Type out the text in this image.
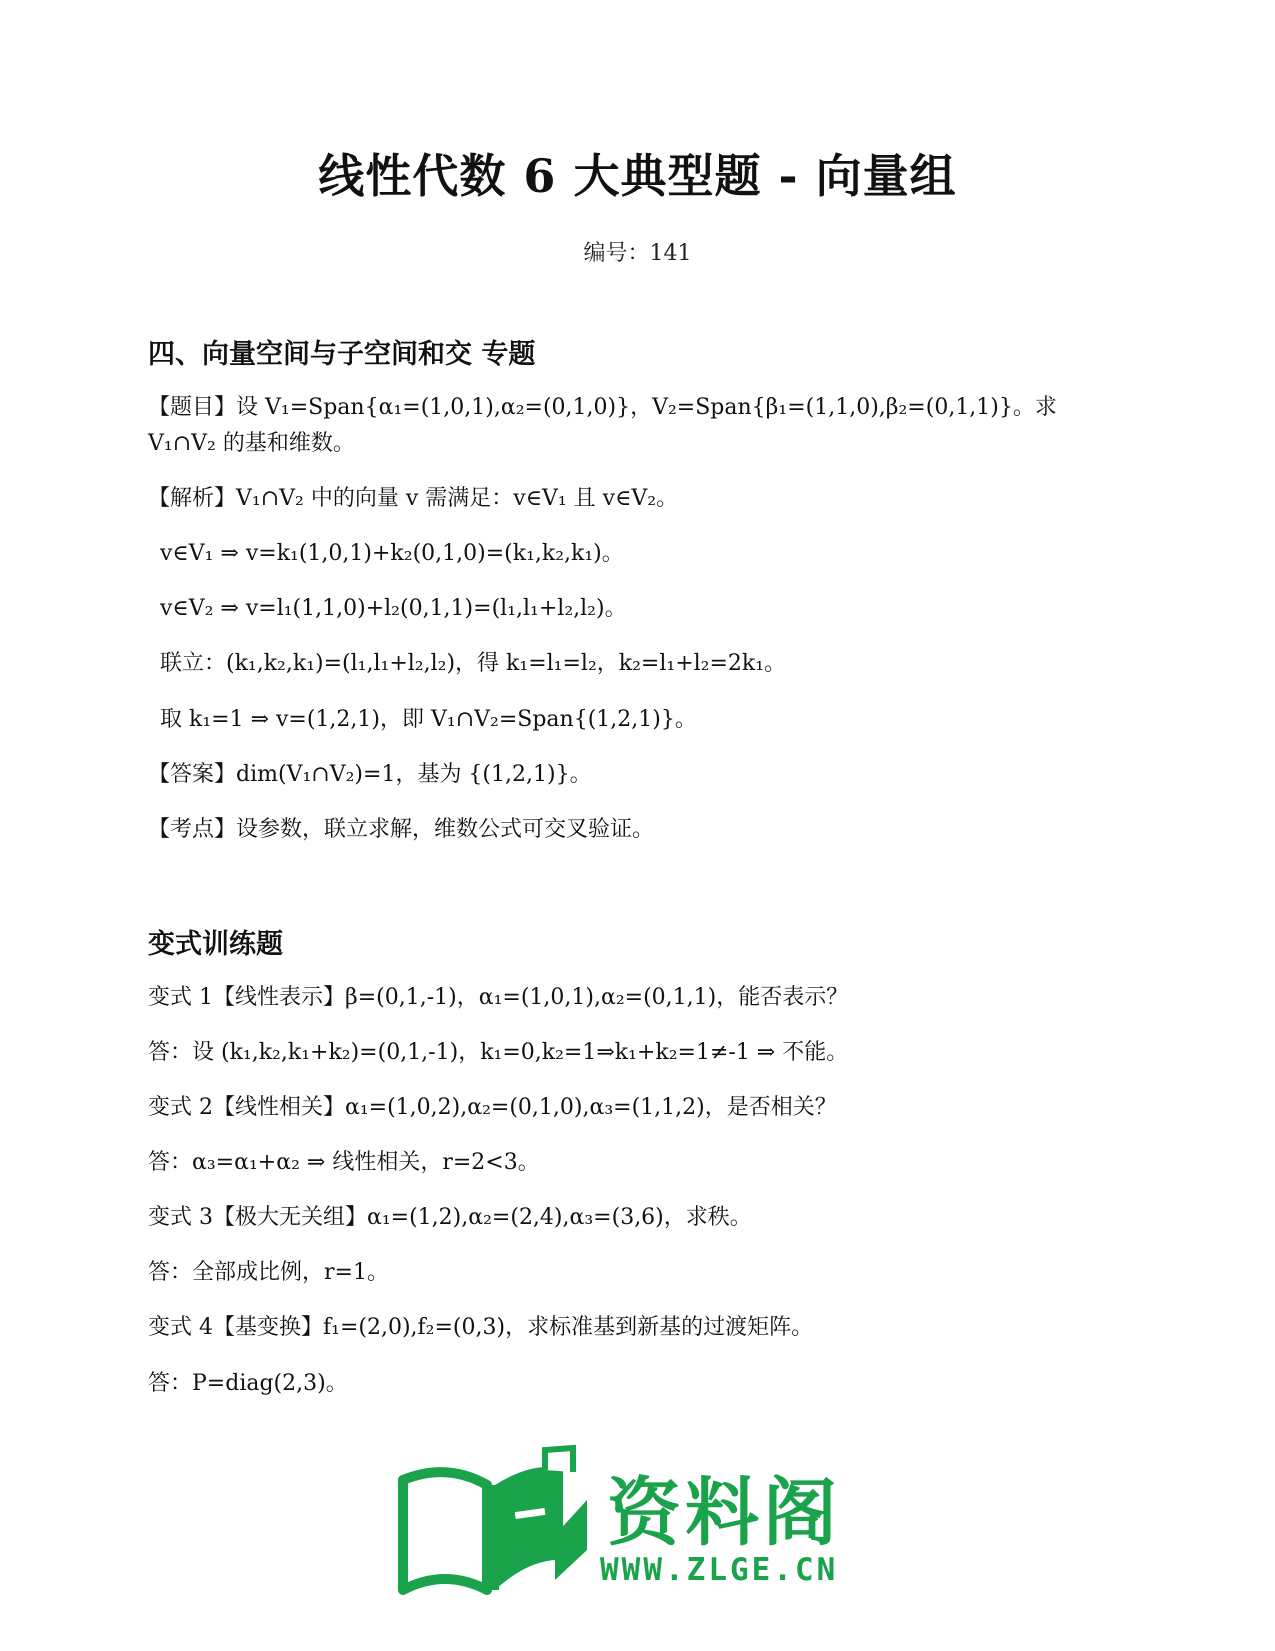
线性代数 6 大典型题 - 向量组
编号：141
四、向量空间与子空间和交 专题

【题目】设 V₁=Span{α₁=(1,0,1),α₂=(0,1,0)}，V₂=Span{β₁=(1,1,0),β₂=(0,1,1)}。求 V₁∩V₂ 的基和维数。

【解析】V₁∩V₂ 中的向量 v 需满足：v∈V₁ 且 v∈V₂。

v∈V₁ ⇒ v=k₁(1,0,1)+k₂(0,1,0)=(k₁,k₂,k₁)。

v∈V₂ ⇒ v=l₁(1,1,0)+l₂(0,1,1)=(l₁,l₁+l₂,l₂)。

联立：(k₁,k₂,k₁)=(l₁,l₁+l₂,l₂)，得 k₁=l₁=l₂，k₂=l₁+l₂=2k₁。

取 k₁=1 ⇒ v=(1,2,1)，即 V₁∩V₂=Span{(1,2,1)}。

【答案】dim(V₁∩V₂)=1，基为 {(1,2,1)}。

【考点】设参数，联立求解，维数公式可交叉验证。

变式训练题

变式 1【线性表示】β=(0,1,-1)，α₁=(1,0,1),α₂=(0,1,1)，能否表示？

答：设 (k₁,k₂,k₁+k₂)=(0,1,-1)，k₁=0,k₂=1⇒k₁+k₂=1≠-1 ⇒ 不能。

变式 2【线性相关】α₁=(1,0,2),α₂=(0,1,0),α₃=(1,1,2)，是否相关？

答：α₃=α₁+α₂ ⇒ 线性相关，r=2<3。

变式 3【极大无关组】α₁=(1,2),α₂=(2,4),α₃=(3,6)，求秩。

答：全部成比例，r=1。

变式 4【基变换】f₁=(2,0),f₂=(0,3)，求标准基到新基的过渡矩阵。

答：P=diag(2,3)。

资料阁
WWW.ZLGE.CN
